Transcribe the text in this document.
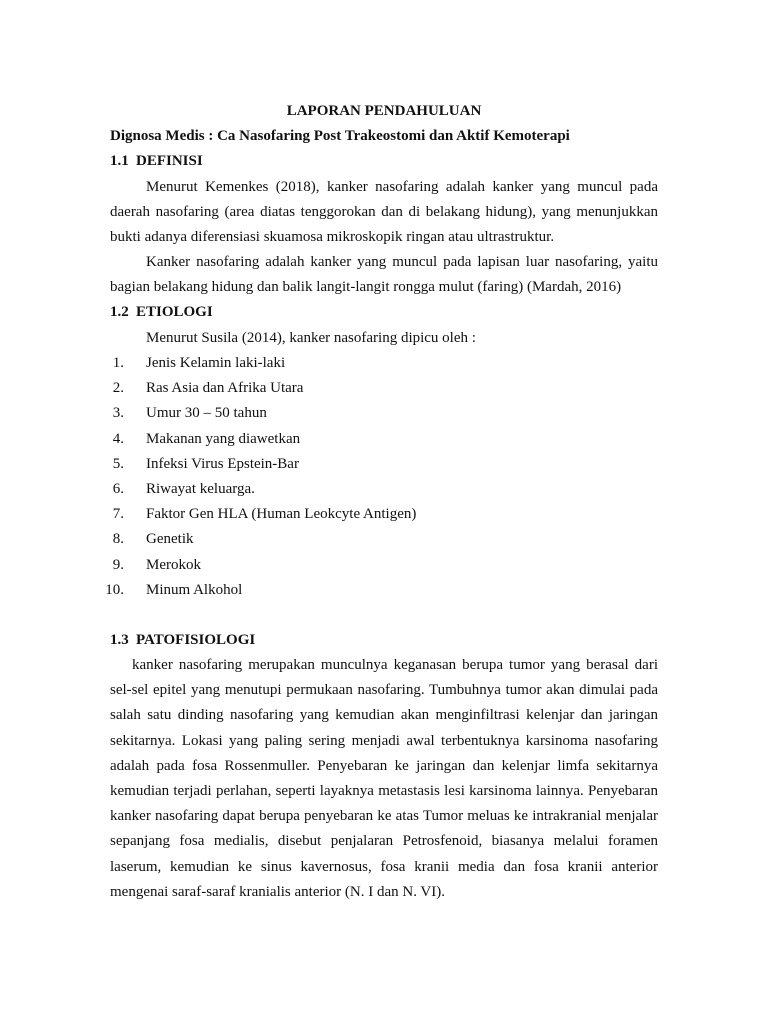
LAPORAN PENDAHULUAN
Dignosa Medis : Ca Nasofaring Post Trakeostomi dan Aktif Kemoterapi
1.1 DEFINISI
Menurut Kemenkes (2018), kanker nasofaring adalah kanker yang muncul pada daerah nasofaring (area diatas tenggorokan dan di belakang hidung), yang menunjukkan bukti adanya diferensiasi skuamosa mikroskopik ringan atau ultrastruktur.
Kanker nasofaring adalah kanker yang muncul pada lapisan luar nasofaring, yaitu bagian belakang hidung dan balik langit-langit rongga mulut (faring) (Mardah, 2016)
1.2 ETIOLOGI
Menurut Susila (2014), kanker nasofaring dipicu oleh :
1. Jenis Kelamin laki-laki
2. Ras Asia dan Afrika Utara
3. Umur 30 – 50 tahun
4. Makanan yang diawetkan
5. Infeksi Virus Epstein-Bar
6. Riwayat keluarga.
7. Faktor Gen HLA (Human Leokcyte Antigen)
8. Genetik
9. Merokok
10. Minum Alkohol
1.3 PATOFISIOLOGI
kanker nasofaring merupakan munculnya keganasan berupa tumor yang berasal dari sel-sel epitel yang menutupi permukaan nasofaring. Tumbuhnya tumor akan dimulai pada salah satu dinding nasofaring yang kemudian akan menginfiltrasi kelenjar dan jaringan sekitarnya. Lokasi yang paling sering menjadi awal terbentuknya karsinoma nasofaring adalah pada fosa Rossenmuller. Penyebaran ke jaringan dan kelenjar limfa sekitarnya kemudian terjadi perlahan, seperti layaknya metastasis lesi karsinoma lainnya. Penyebaran kanker nasofaring dapat berupa penyebaran ke atas Tumor meluas ke intrakranial menjalar sepanjang fosa medialis, disebut penjalaran Petrosfenoid, biasanya melalui foramen laserum, kemudian ke sinus kavernosus, fosa kranii media dan fosa kranii anterior mengenai saraf-saraf kranialis anterior (N. I dan N. VI).
